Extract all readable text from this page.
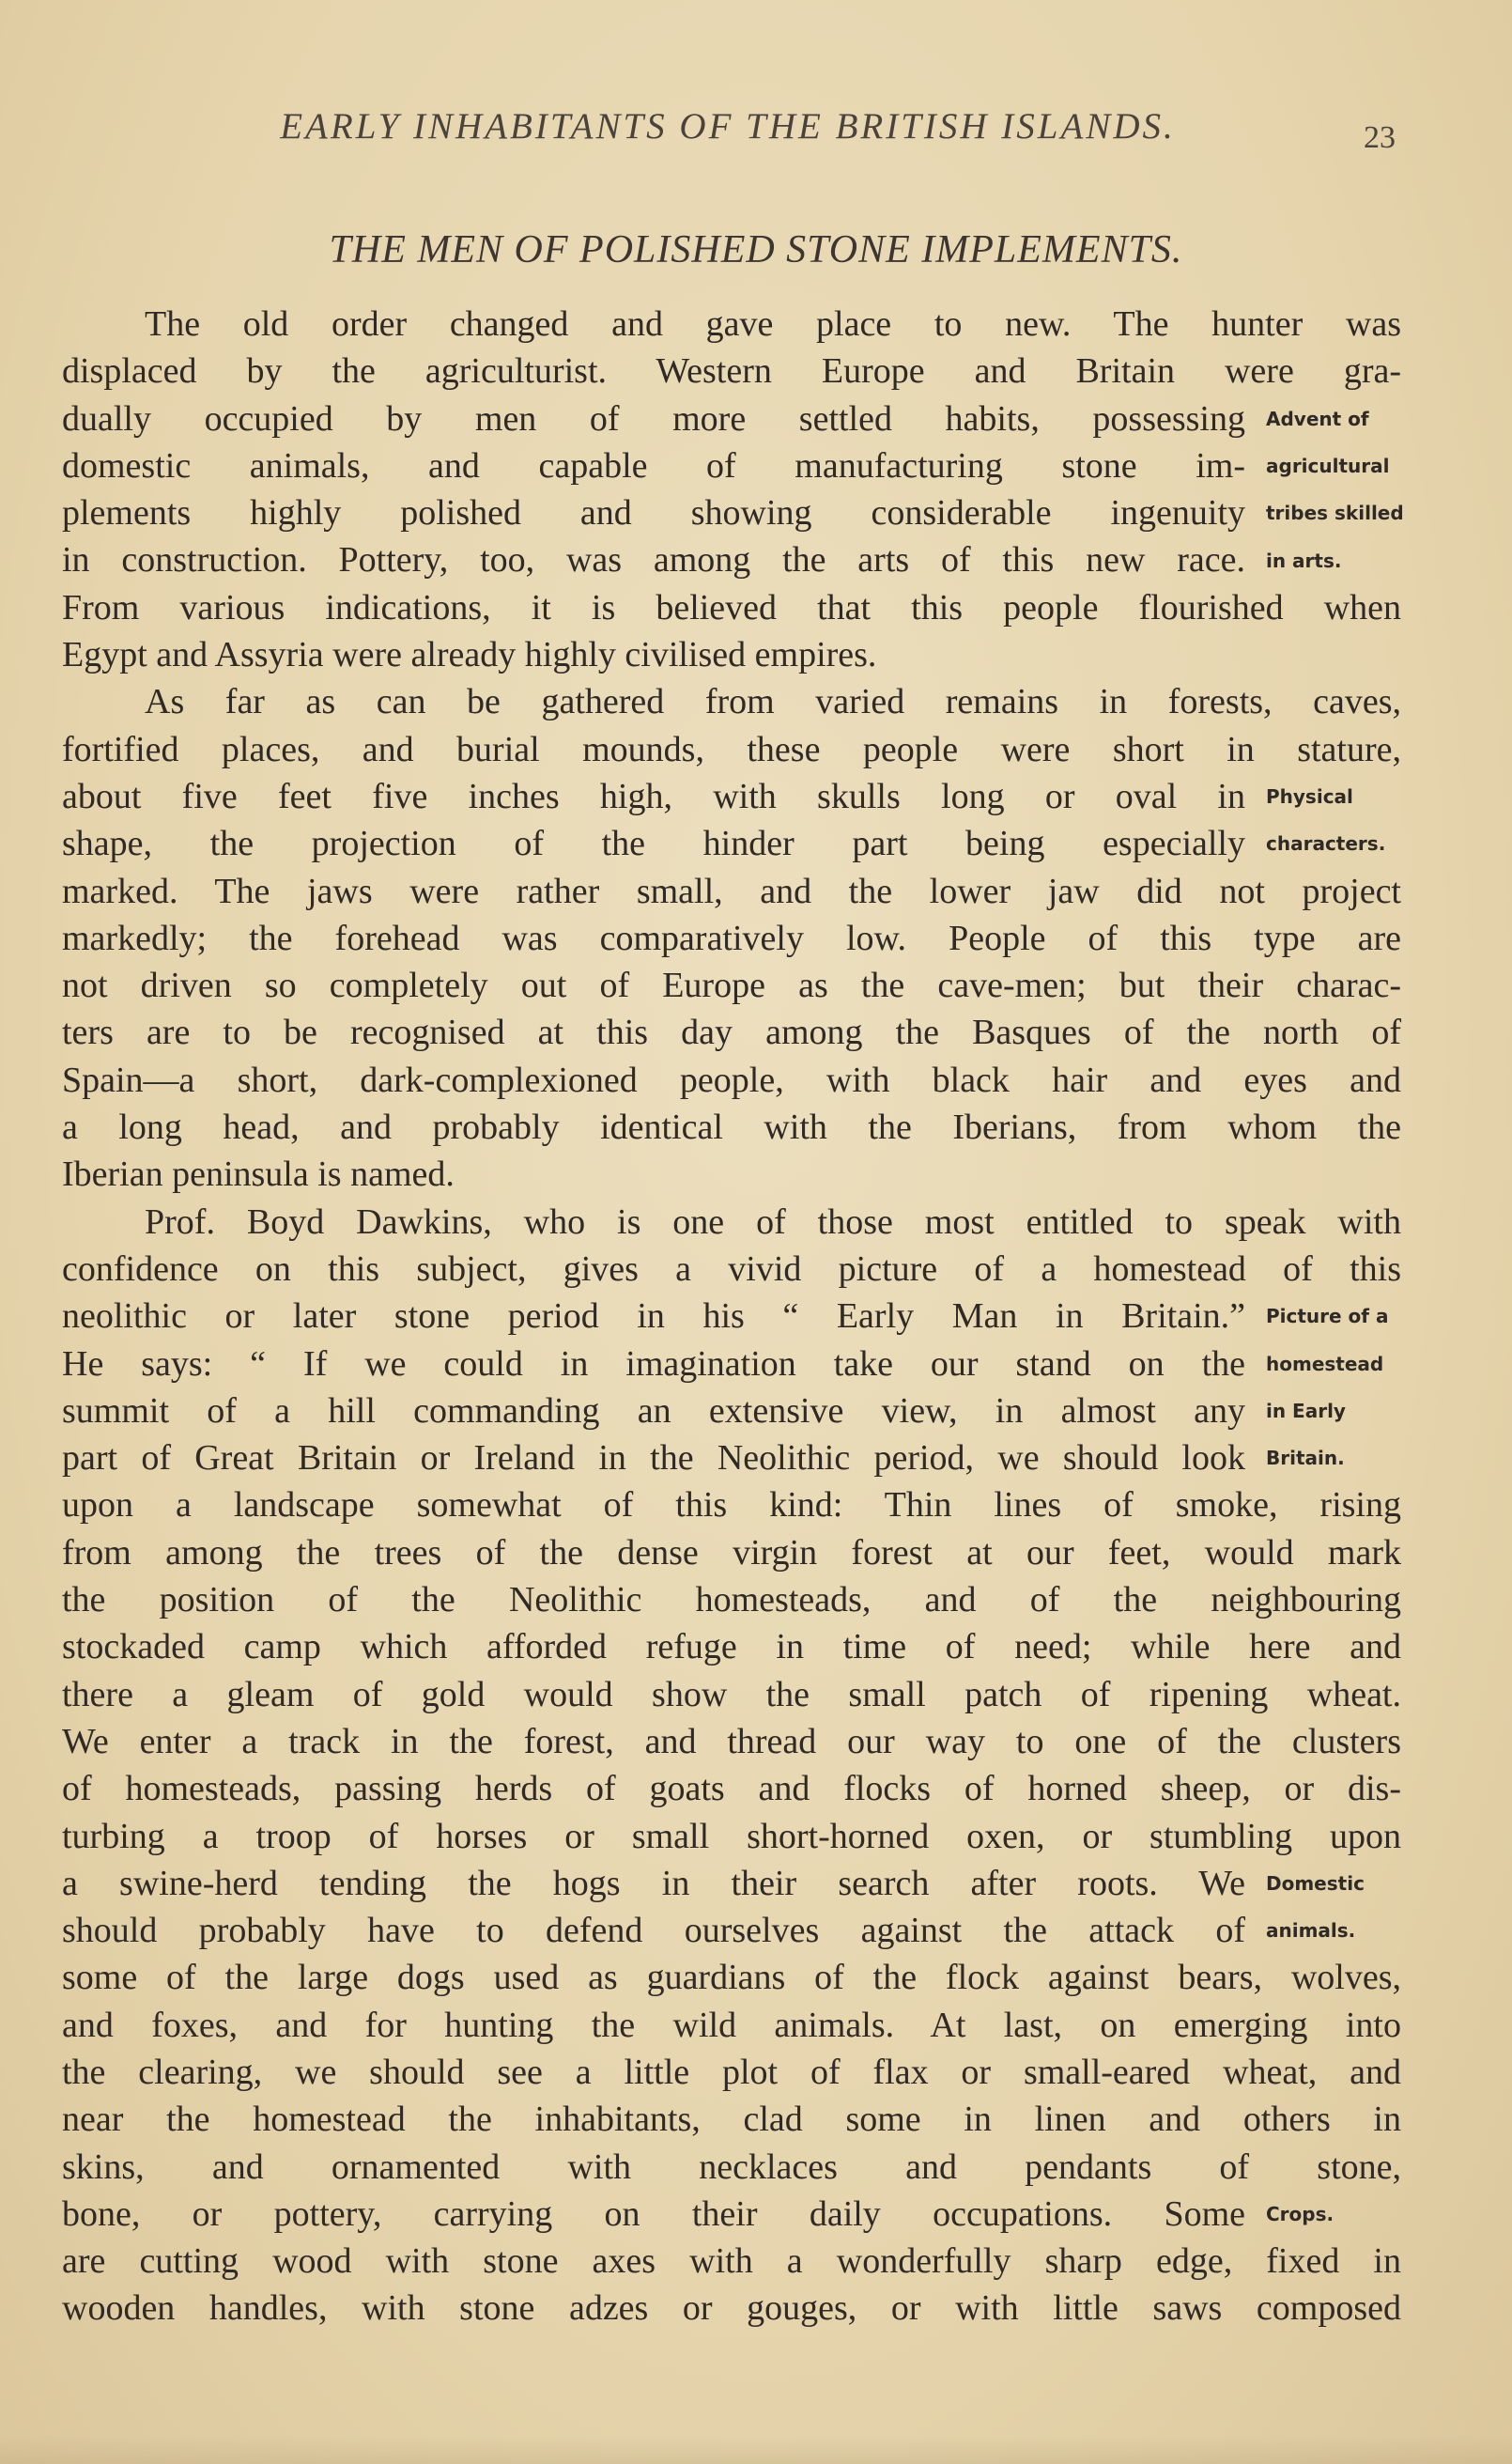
EARLY INHABITANTS OF THE BRITISH ISLANDS.	23
THE MEN OF POLISHED STONE IMPLEMENTS.
The old order changed and gave place to new. The hunter was
displaced by the agriculturist. Western Europe and Britain were gra-
dually occupied by men of more settled habits, possessing Advent of
domestic animals, and capable of manufacturing stone im- agricultural
plements highly polished and showing considerable ingenuity tribes skilled
in construction. Pottery, too, was among the arts of this new race. in arts.
From various indications, it is believed that this people flourished when
Egypt and Assyria were already highly civilised empires.
As far as can be gathered from varied remains in forests, caves,
fortified places, and burial mounds, these people were short in stature,
about five feet five inches high, with skulls long or oval in Physical
shape, the projection of the hinder part being especially characters.
marked. The jaws were rather small, and the lower jaw did not project
markedly; the forehead was comparatively low. People of this type are
not driven so completely out of Europe as the cave-men; but their charac-
ters are to be recognised at this day among the Basques of the north of
Spain—a short, dark-complexioned people, with black hair and eyes and
a long head, and probably identical with the Iberians, from whom the
Iberian peninsula is named.
Prof. Boyd Dawkins, who is one of those most entitled to speak with
confidence on this subject, gives a vivid picture of a homestead of this
neolithic or later stone period in his “ Early Man in Britain.” Picture of a
He says: “ If we could in imagination take our stand on the homestead
summit of a hill commanding an extensive view, in almost any in Early
part of Great Britain or Ireland in the Neolithic period, we should look Britain.
upon a landscape somewhat of this kind: Thin lines of smoke, rising
from among the trees of the dense virgin forest at our feet, would mark
the position of the Neolithic homesteads, and of the neighbouring
stockaded camp which afforded refuge in time of need; while here and
there a gleam of gold would show the small patch of ripening wheat.
We enter a track in the forest, and thread our way to one of the clusters
of homesteads, passing herds of goats and flocks of horned sheep, or dis-
turbing a troop of horses or small short-horned oxen, or stumbling upon
a swine-herd tending the hogs in their search after roots. We Domestic
should probably have to defend ourselves against the attack of animals.
some of the large dogs used as guardians of the flock against bears, wolves,
and foxes, and for hunting the wild animals. At last, on emerging into
the clearing, we should see a little plot of flax or small-eared wheat, and
near the homestead the inhabitants, clad some in linen and others in
skins, and ornamented with necklaces and pendants of stone,
bone, or pottery, carrying on their daily occupations. Some Crops.
are cutting wood with stone axes with a wonderfully sharp edge, fixed in
wooden handles, with stone adzes or gouges, or with little saws composed
